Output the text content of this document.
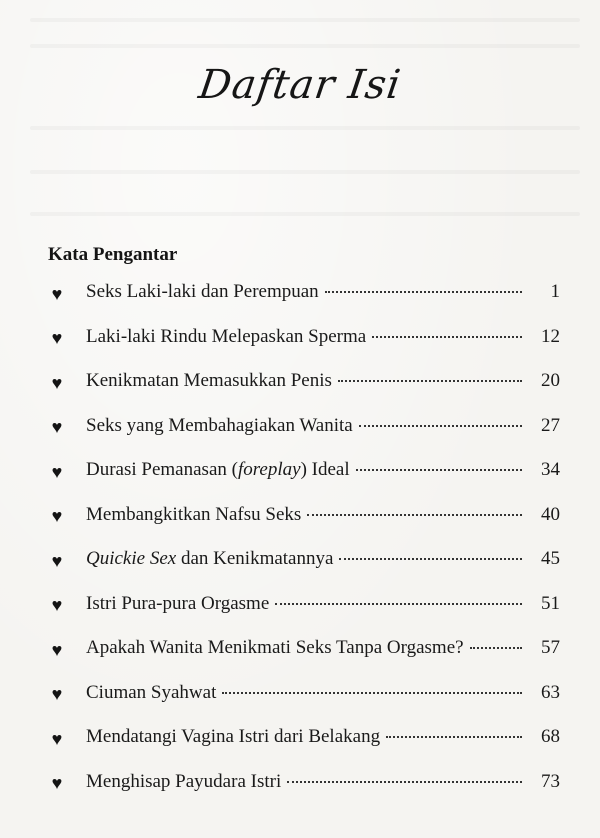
Daftar Isi
Kata Pengantar
♥ Seks Laki-laki dan Perempuan	1
♥ Laki-laki Rindu Melepaskan Sperma	12
♥ Kenikmatan Memasukkan Penis	20
♥ Seks yang Membahagiakan Wanita	27
♥ Durasi Pemanasan (foreplay) Ideal	34
♥ Membangkitkan Nafsu Seks	40
♥ Quickie Sex dan Kenikmatannya	45
♥ Istri Pura-pura Orgasme	51
♥ Apakah Wanita Menikmati Seks Tanpa Orgasme?	57
♥ Ciuman Syahwat	63
♥ Mendatangi Vagina Istri dari Belakang	68
♥ Menghisap Payudara Istri	73
